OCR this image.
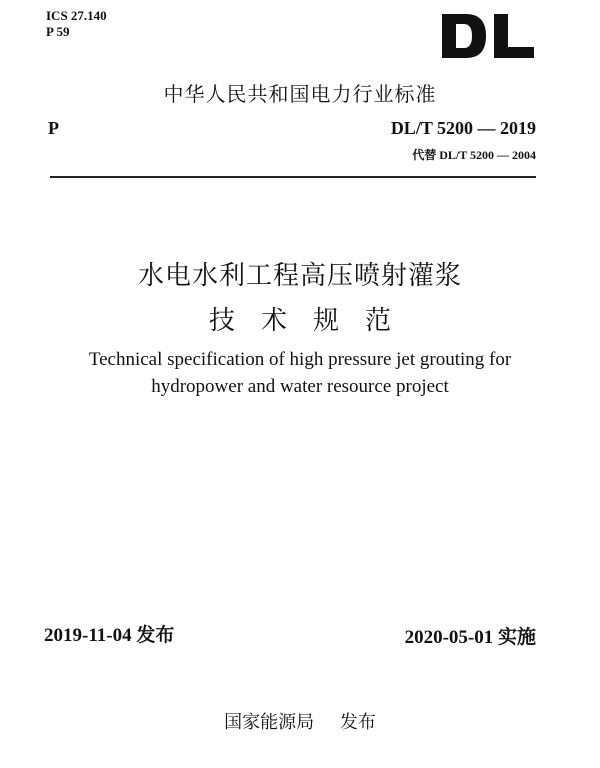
ICS 27.140
P 59
中华人民共和国电力行业标准
P	DL/T 5200 — 2019
代替 DL/T 5200 — 2004
水电水利工程高压喷射灌浆
技术规范
Technical specification of high pressure jet grouting for
hydropower and water resource project
2019-11-04 发布	2020-05-01 实施
国家能源局 发布
